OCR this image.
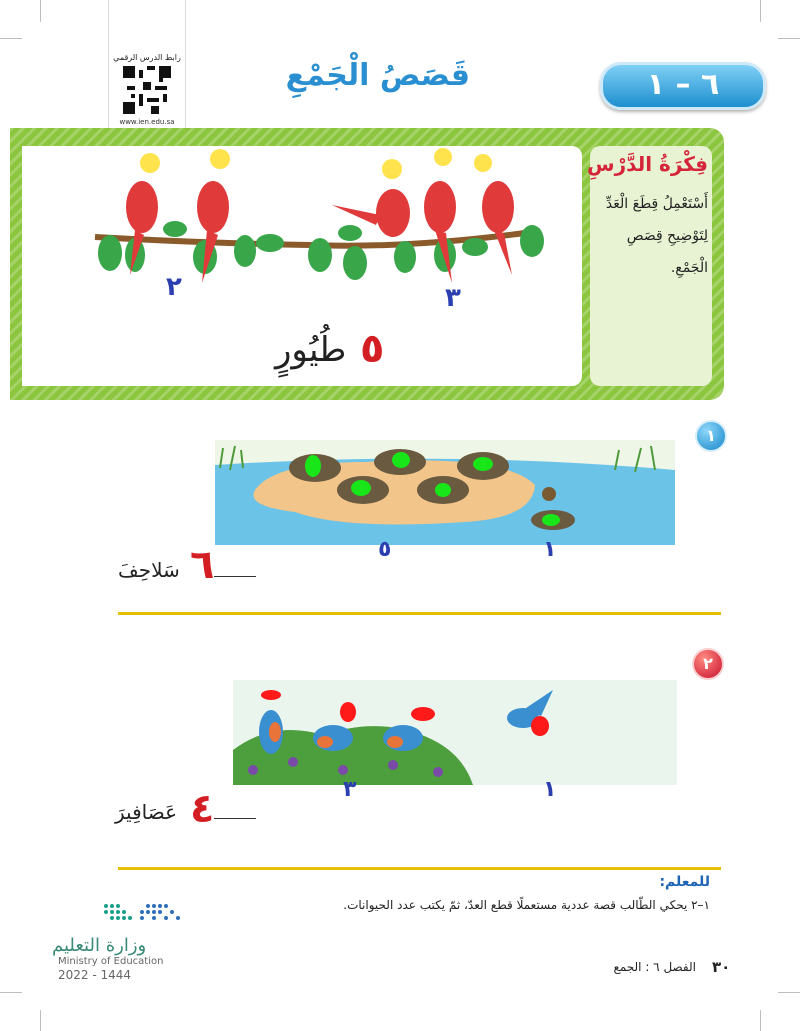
رابط الدرس الرقمي
www.ien.edu.sa
قَصَصُ الْجَمْعِ	٦ – ١
فِكْرَةُ الدَّرْسِ
أَسْتَعْمِلُ قِطَعَ الْعَدِّ لِتَوْضِيحِ قِصَصِ الْجَمْعِ.
٢	٣
٥
طُيُورٍ
١
٥	١
٦
سَلاحِفَ
٢
٣	١
٤
عَصَافِيرَ
للمعلم:
١–٢ يحكي الطّالب قصة عددية مستعملًا قطع العدّ، ثمّ يكتب عدد الحيوانات.
وزارة التعليم
Ministry of Education
2022 - 1444	٣٠
الفصل ٦ : الجمع
